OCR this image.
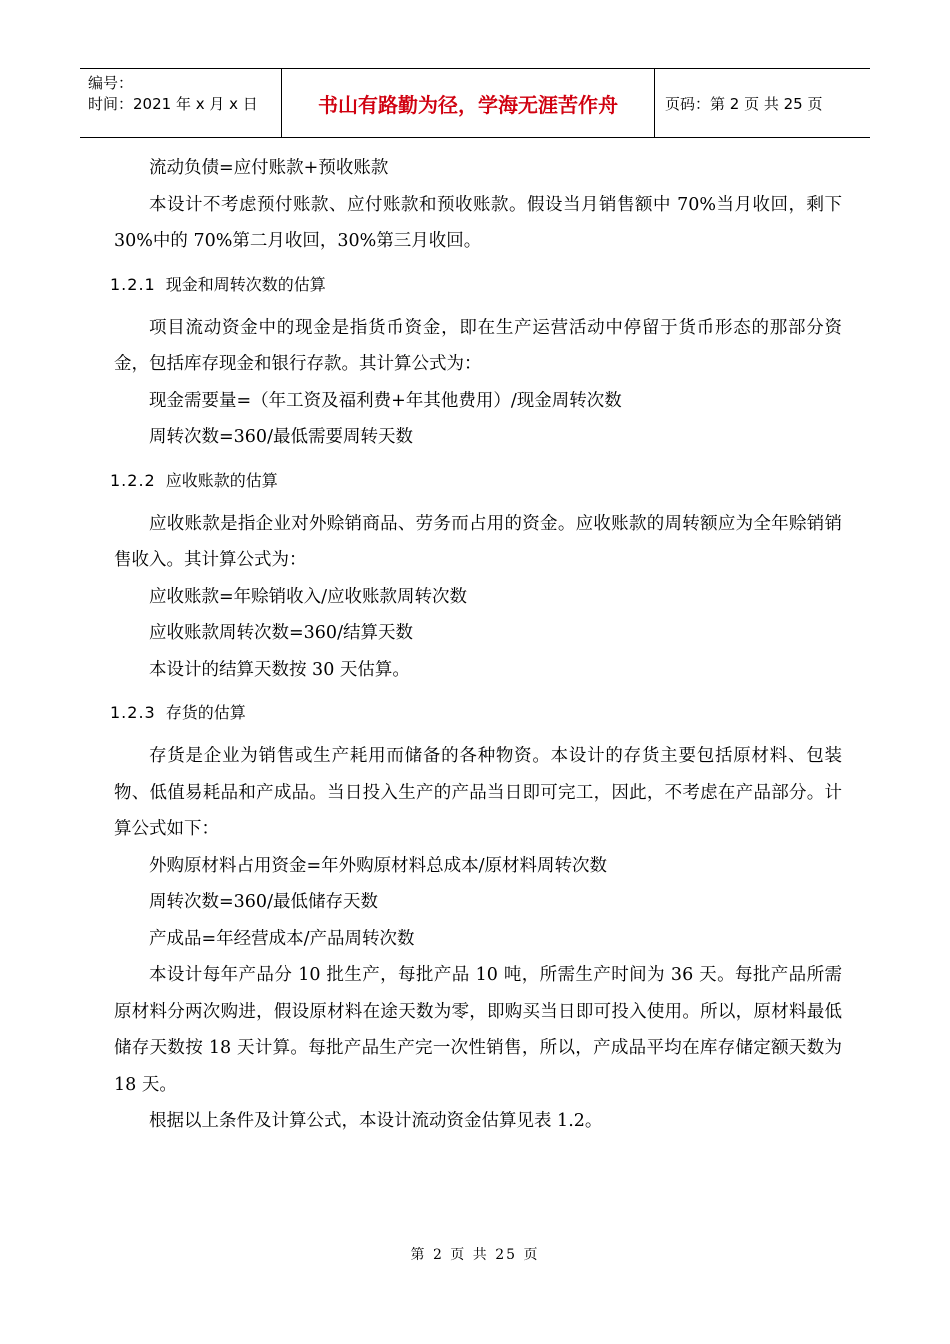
编号：
时间：2021 年 x 月 x 日	书山有路勤为径，学海无涯苦作舟	页码：第 2 页 共 25 页

流动负债=应付账款+预收账款

本设计不考虑预付账款、应付账款和预收账款。假设当月销售额中 70%当月收回，剩下 30%中的 70%第二月收回，30%第三月收回。

1.2.1 现金和周转次数的估算

项目流动资金中的现金是指货币资金，即在生产运营活动中停留于货币形态的那部分资金，包括库存现金和银行存款。其计算公式为：

现金需要量=（年工资及福利费+年其他费用）/现金周转次数

周转次数=360/最低需要周转天数

1.2.2 应收账款的估算

应收账款是指企业对外赊销商品、劳务而占用的资金。应收账款的周转额应为全年赊销销售收入。其计算公式为：

应收账款=年赊销收入/应收账款周转次数

应收账款周转次数=360/结算天数

本设计的结算天数按 30 天估算。

1.2.3 存货的估算

存货是企业为销售或生产耗用而储备的各种物资。本设计的存货主要包括原材料、包装物、低值易耗品和产成品。当日投入生产的产品当日即可完工，因此，不考虑在产品部分。计算公式如下：

外购原材料占用资金=年外购原材料总成本/原材料周转次数

周转次数=360/最低储存天数

产成品=年经营成本/产品周转次数

本设计每年产品分 10 批生产，每批产品 10 吨，所需生产时间为 36 天。每批产品所需原材料分两次购进，假设原材料在途天数为零，即购买当日即可投入使用。所以，原材料最低储存天数按 18 天计算。每批产品生产完一次性销售，所以，产成品平均在库存储定额天数为 18 天。

根据以上条件及计算公式，本设计流动资金估算见表 1.2。

第 2 页 共 25 页
